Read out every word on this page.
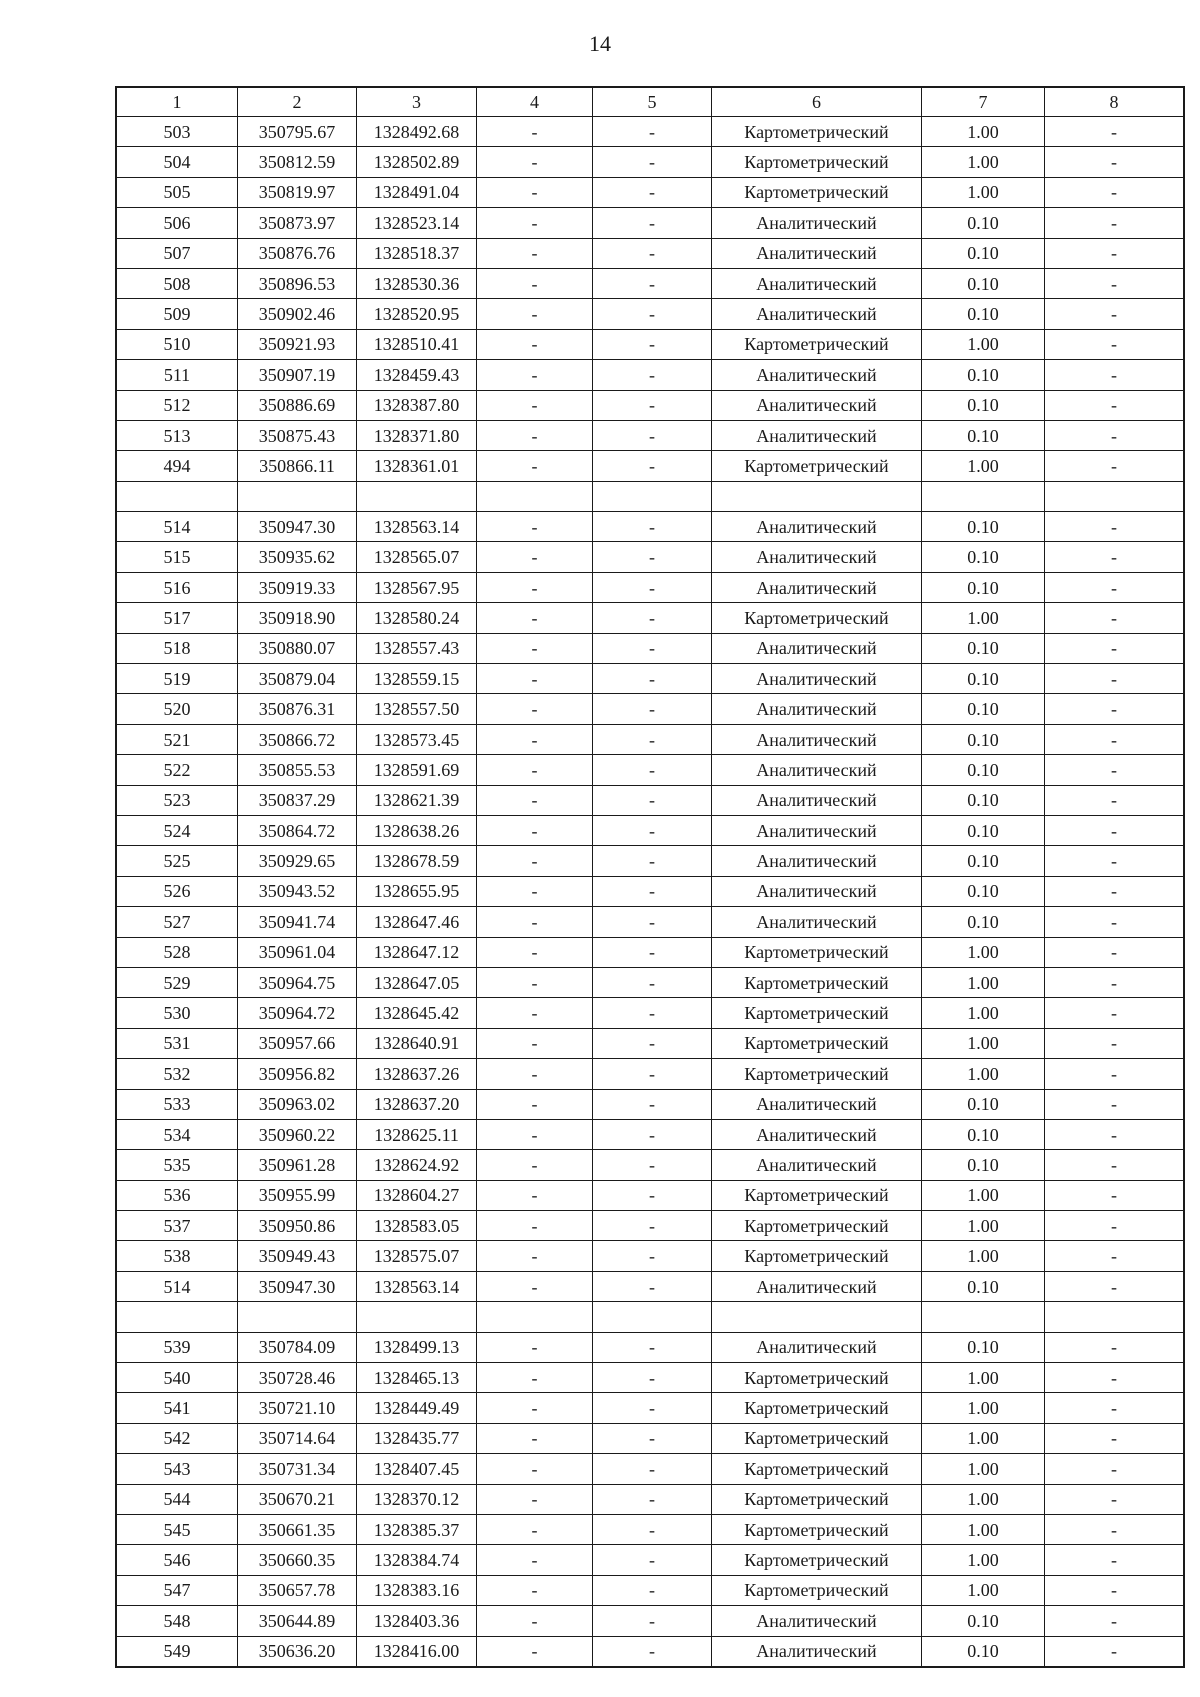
14
1	2	3	4	5	6	7	8
503	350795.67	1328492.68	-	-	Картометрический	1.00	-
504	350812.59	1328502.89	-	-	Картометрический	1.00	-
505	350819.97	1328491.04	-	-	Картометрический	1.00	-
506	350873.97	1328523.14	-	-	Аналитический	0.10	-
507	350876.76	1328518.37	-	-	Аналитический	0.10	-
508	350896.53	1328530.36	-	-	Аналитический	0.10	-
509	350902.46	1328520.95	-	-	Аналитический	0.10	-
510	350921.93	1328510.41	-	-	Картометрический	1.00	-
511	350907.19	1328459.43	-	-	Аналитический	0.10	-
512	350886.69	1328387.80	-	-	Аналитический	0.10	-
513	350875.43	1328371.80	-	-	Аналитический	0.10	-
494	350866.11	1328361.01	-	-	Картометрический	1.00	-

514	350947.30	1328563.14	-	-	Аналитический	0.10	-
515	350935.62	1328565.07	-	-	Аналитический	0.10	-
516	350919.33	1328567.95	-	-	Аналитический	0.10	-
517	350918.90	1328580.24	-	-	Картометрический	1.00	-
518	350880.07	1328557.43	-	-	Аналитический	0.10	-
519	350879.04	1328559.15	-	-	Аналитический	0.10	-
520	350876.31	1328557.50	-	-	Аналитический	0.10	-
521	350866.72	1328573.45	-	-	Аналитический	0.10	-
522	350855.53	1328591.69	-	-	Аналитический	0.10	-
523	350837.29	1328621.39	-	-	Аналитический	0.10	-
524	350864.72	1328638.26	-	-	Аналитический	0.10	-
525	350929.65	1328678.59	-	-	Аналитический	0.10	-
526	350943.52	1328655.95	-	-	Аналитический	0.10	-
527	350941.74	1328647.46	-	-	Аналитический	0.10	-
528	350961.04	1328647.12	-	-	Картометрический	1.00	-
529	350964.75	1328647.05	-	-	Картометрический	1.00	-
530	350964.72	1328645.42	-	-	Картометрический	1.00	-
531	350957.66	1328640.91	-	-	Картометрический	1.00	-
532	350956.82	1328637.26	-	-	Картометрический	1.00	-
533	350963.02	1328637.20	-	-	Аналитический	0.10	-
534	350960.22	1328625.11	-	-	Аналитический	0.10	-
535	350961.28	1328624.92	-	-	Аналитический	0.10	-
536	350955.99	1328604.27	-	-	Картометрический	1.00	-
537	350950.86	1328583.05	-	-	Картометрический	1.00	-
538	350949.43	1328575.07	-	-	Картометрический	1.00	-
514	350947.30	1328563.14	-	-	Аналитический	0.10	-

539	350784.09	1328499.13	-	-	Аналитический	0.10	-
540	350728.46	1328465.13	-	-	Картометрический	1.00	-
541	350721.10	1328449.49	-	-	Картометрический	1.00	-
542	350714.64	1328435.77	-	-	Картометрический	1.00	-
543	350731.34	1328407.45	-	-	Картометрический	1.00	-
544	350670.21	1328370.12	-	-	Картометрический	1.00	-
545	350661.35	1328385.37	-	-	Картометрический	1.00	-
546	350660.35	1328384.74	-	-	Картометрический	1.00	-
547	350657.78	1328383.16	-	-	Картометрический	1.00	-
548	350644.89	1328403.36	-	-	Аналитический	0.10	-
549	350636.20	1328416.00	-	-	Аналитический	0.10	-
